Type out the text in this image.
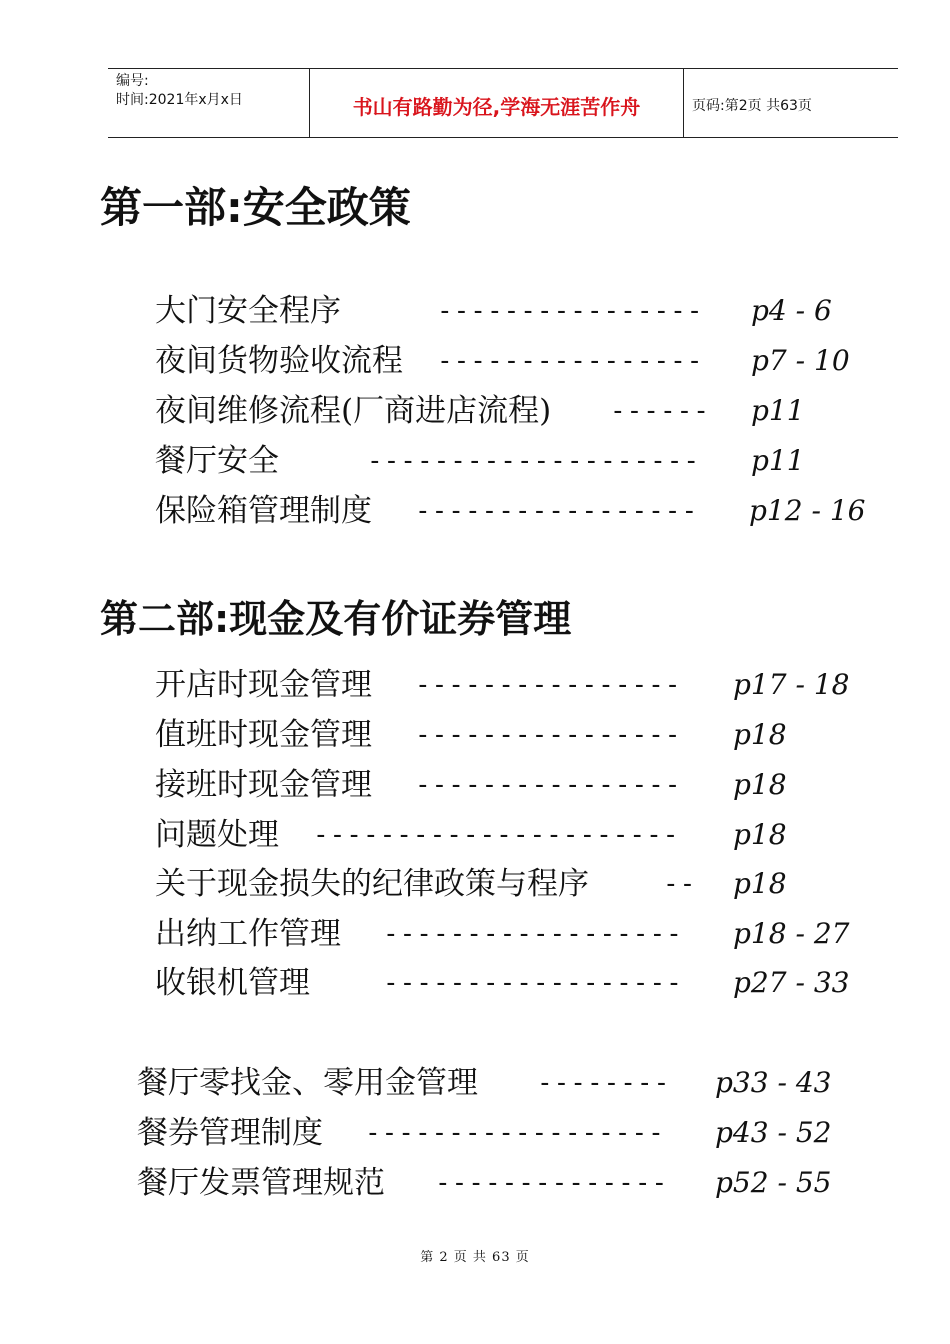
编号:
时间:2021年x月x日	书山有路勤为径,学海无涯苦作舟	页码:第2页 共63页
第一部:安全政策
大门安全程序	---------------- p4 - 6
夜间货物验收流程 ---------------- p7 - 10
夜间维修流程(厂商进店流程) ------ p11
餐厅安全	-------------------- p11
保险箱管理制度 ----------------- p12 - 16
第二部:现金及有价证券管理
开店时现金管理 ---------------- p17 - 18
值班时现金管理 ---------------- p18
接班时现金管理 ---------------- p18
问题处理 ---------------------- p18
关于现金损失的纪律政策与程序	-- p18
出纳工作管理 ------------------ p18 - 27
收银机管理	------------------ p27 - 33
餐厅零找金、零用金管理 -------- p33 - 43
餐券管理制度 ------------------ p43 - 52
餐厅发票管理规范 -------------- p52 - 55
第 2 页 共 63 页
